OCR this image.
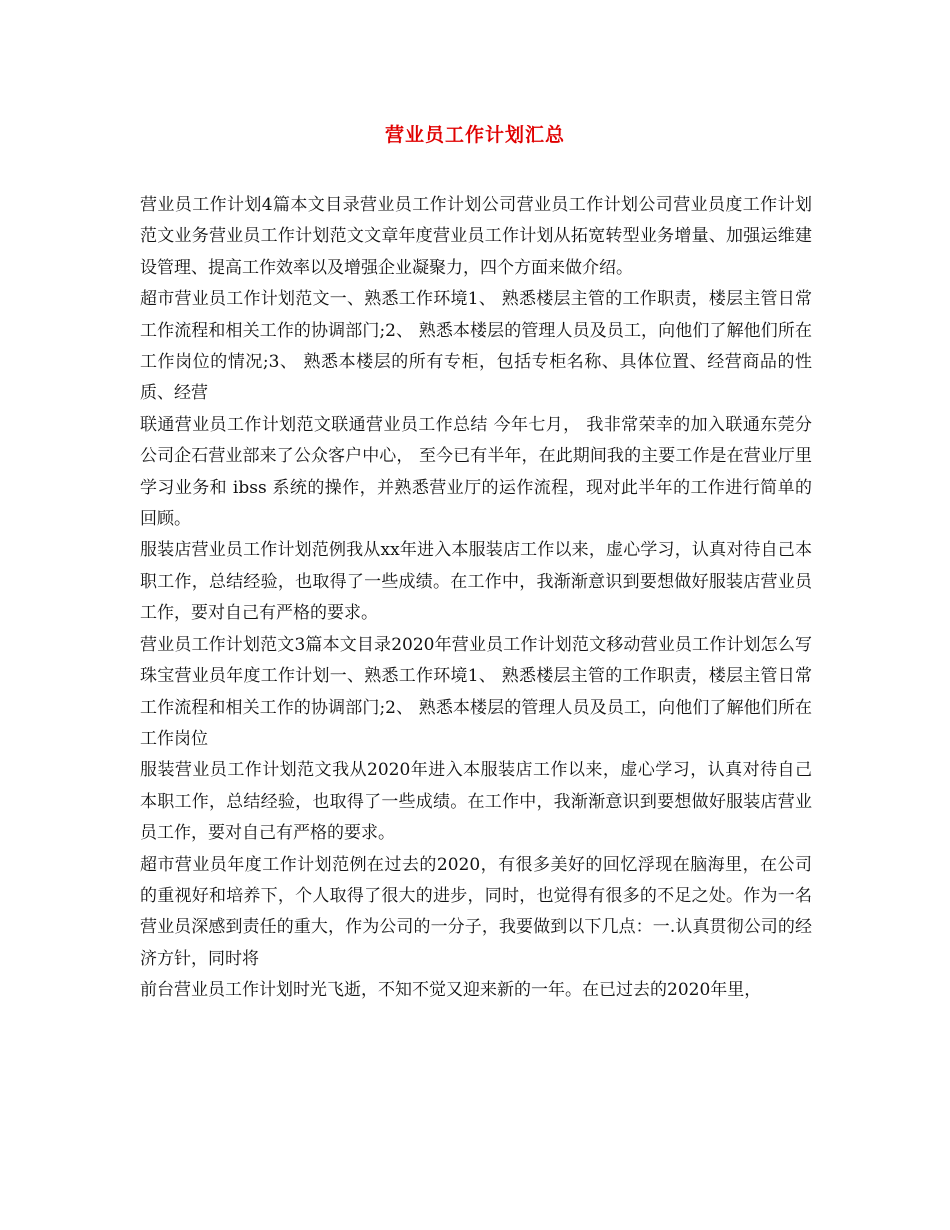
营业员工作计划汇总

营业员工作计划4篇本文目录营业员工作计划公司营业员工作计划公司营业员度工作计划范文业务营业员工作计划范文文章年度营业员工作计划从拓宽转型业务增量、加强运维建设管理、提高工作效率以及增强企业凝聚力，四个方面来做介绍。

超市营业员工作计划范文一、熟悉工作环境1、 熟悉楼层主管的工作职责，楼层主管日常工作流程和相关工作的协调部门;2、 熟悉本楼层的管理人员及员工，向他们了解他们所在工作岗位的情况;3、 熟悉本楼层的所有专柜，包括专柜名称、具体位置、经营商品的性质、经营

联通营业员工作计划范文联通营业员工作总结 今年七月， 我非常荣幸的加入联通东莞分公司企石营业部来了公众客户中心， 至今已有半年，在此期间我的主要工作是在营业厅里学习业务和 ibss 系统的操作，并熟悉营业厅的运作流程，现对此半年的工作进行简单的回顾。

服装店营业员工作计划范例我从xx年进入本服装店工作以来，虚心学习，认真对待自己本职工作，总结经验，也取得了一些成绩。在工作中，我渐渐意识到要想做好服装店营业员工作，要对自己有严格的要求。

营业员工作计划范文3篇本文目录2020年营业员工作计划范文移动营业员工作计划怎么写珠宝营业员年度工作计划一、熟悉工作环境1、 熟悉楼层主管的工作职责，楼层主管日常工作流程和相关工作的协调部门;2、 熟悉本楼层的管理人员及员工，向他们了解他们所在工作岗位

服装营业员工作计划范文我从2020年进入本服装店工作以来，虚心学习，认真对待自己本职工作，总结经验，也取得了一些成绩。在工作中，我渐渐意识到要想做好服装店营业员工作，要对自己有严格的要求。

超市营业员年度工作计划范例在过去的2020，有很多美好的回忆浮现在脑海里，在公司的重视好和培养下，个人取得了很大的进步，同时，也觉得有很多的不足之处。作为一名营业员深感到责任的重大，作为公司的一分子，我要做到以下几点：一.认真贯彻公司的经济方针，同时将

前台营业员工作计划时光飞逝，不知不觉又迎来新的一年。在已过去的2020年里，
